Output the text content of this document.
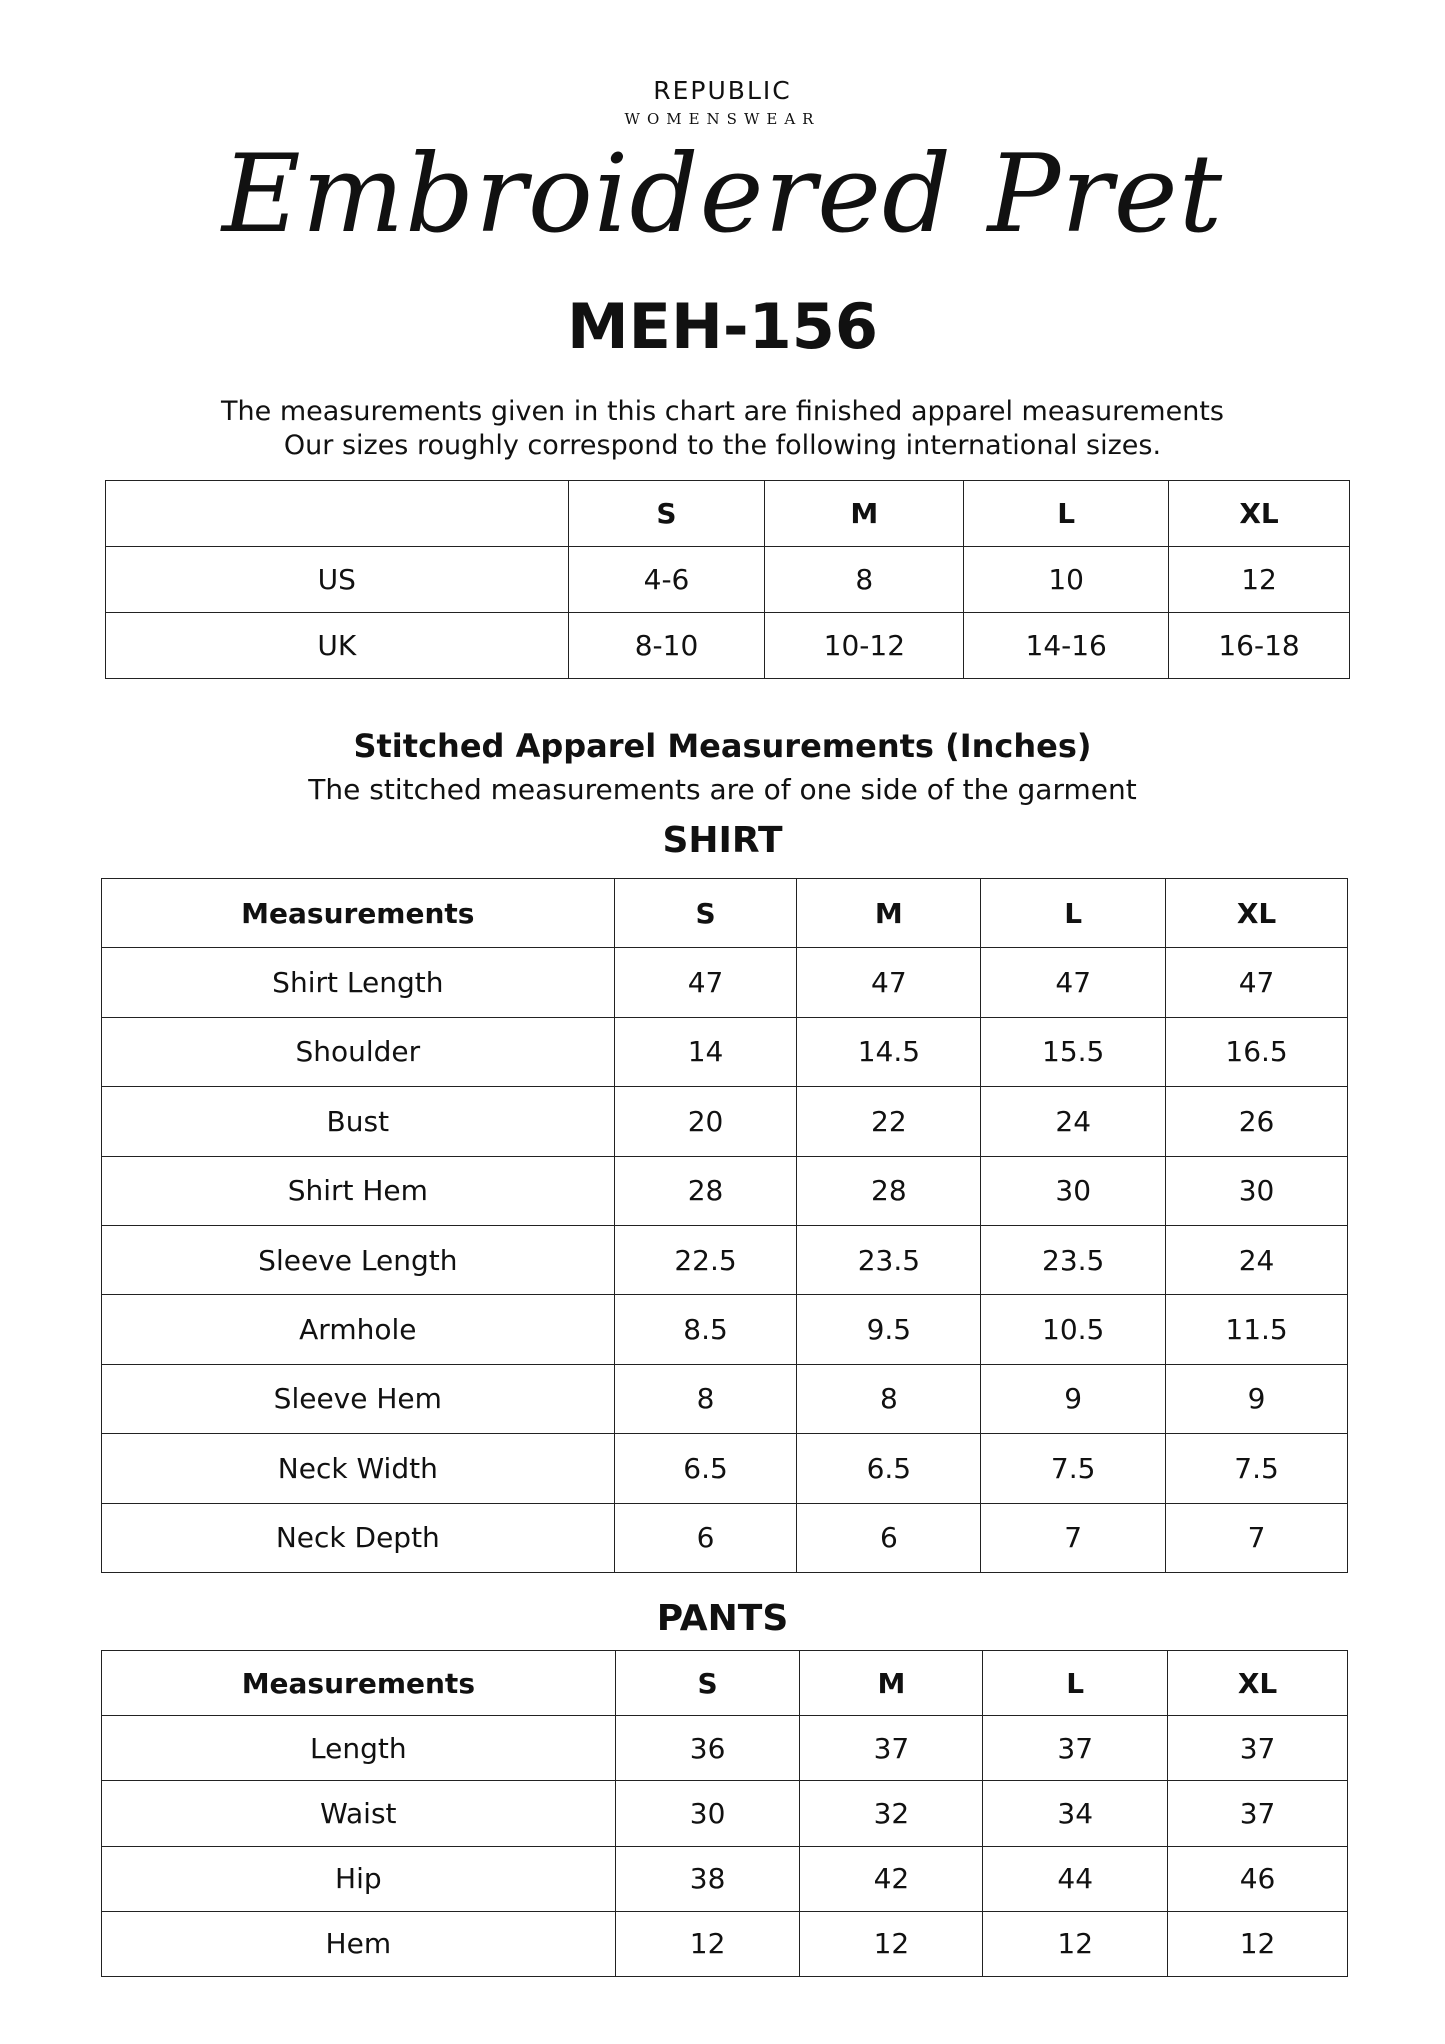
REPUBLIC
WOMENSWEAR
Embroidered Pret
MEH-156
The measurements given in this chart are finished apparel measurements
Our sizes roughly correspond to the following international sizes.
	S	M	L	XL
US	4-6	8	10	12
UK	8-10	10-12	14-16	16-18
Stitched Apparel Measurements (Inches)
The stitched measurements are of one side of the garment
SHIRT
Measurements	S	M	L	XL
Shirt Length	47	47	47	47
Shoulder	14	14.5	15.5	16.5
Bust	20	22	24	26
Shirt Hem	28	28	30	30
Sleeve Length	22.5	23.5	23.5	24
Armhole	8.5	9.5	10.5	11.5
Sleeve Hem	8	8	9	9
Neck Width	6.5	6.5	7.5	7.5
Neck Depth	6	6	7	7
PANTS
Measurements	S	M	L	XL
Length	36	37	37	37
Waist	30	32	34	37
Hip	38	42	44	46
Hem	12	12	12	12
